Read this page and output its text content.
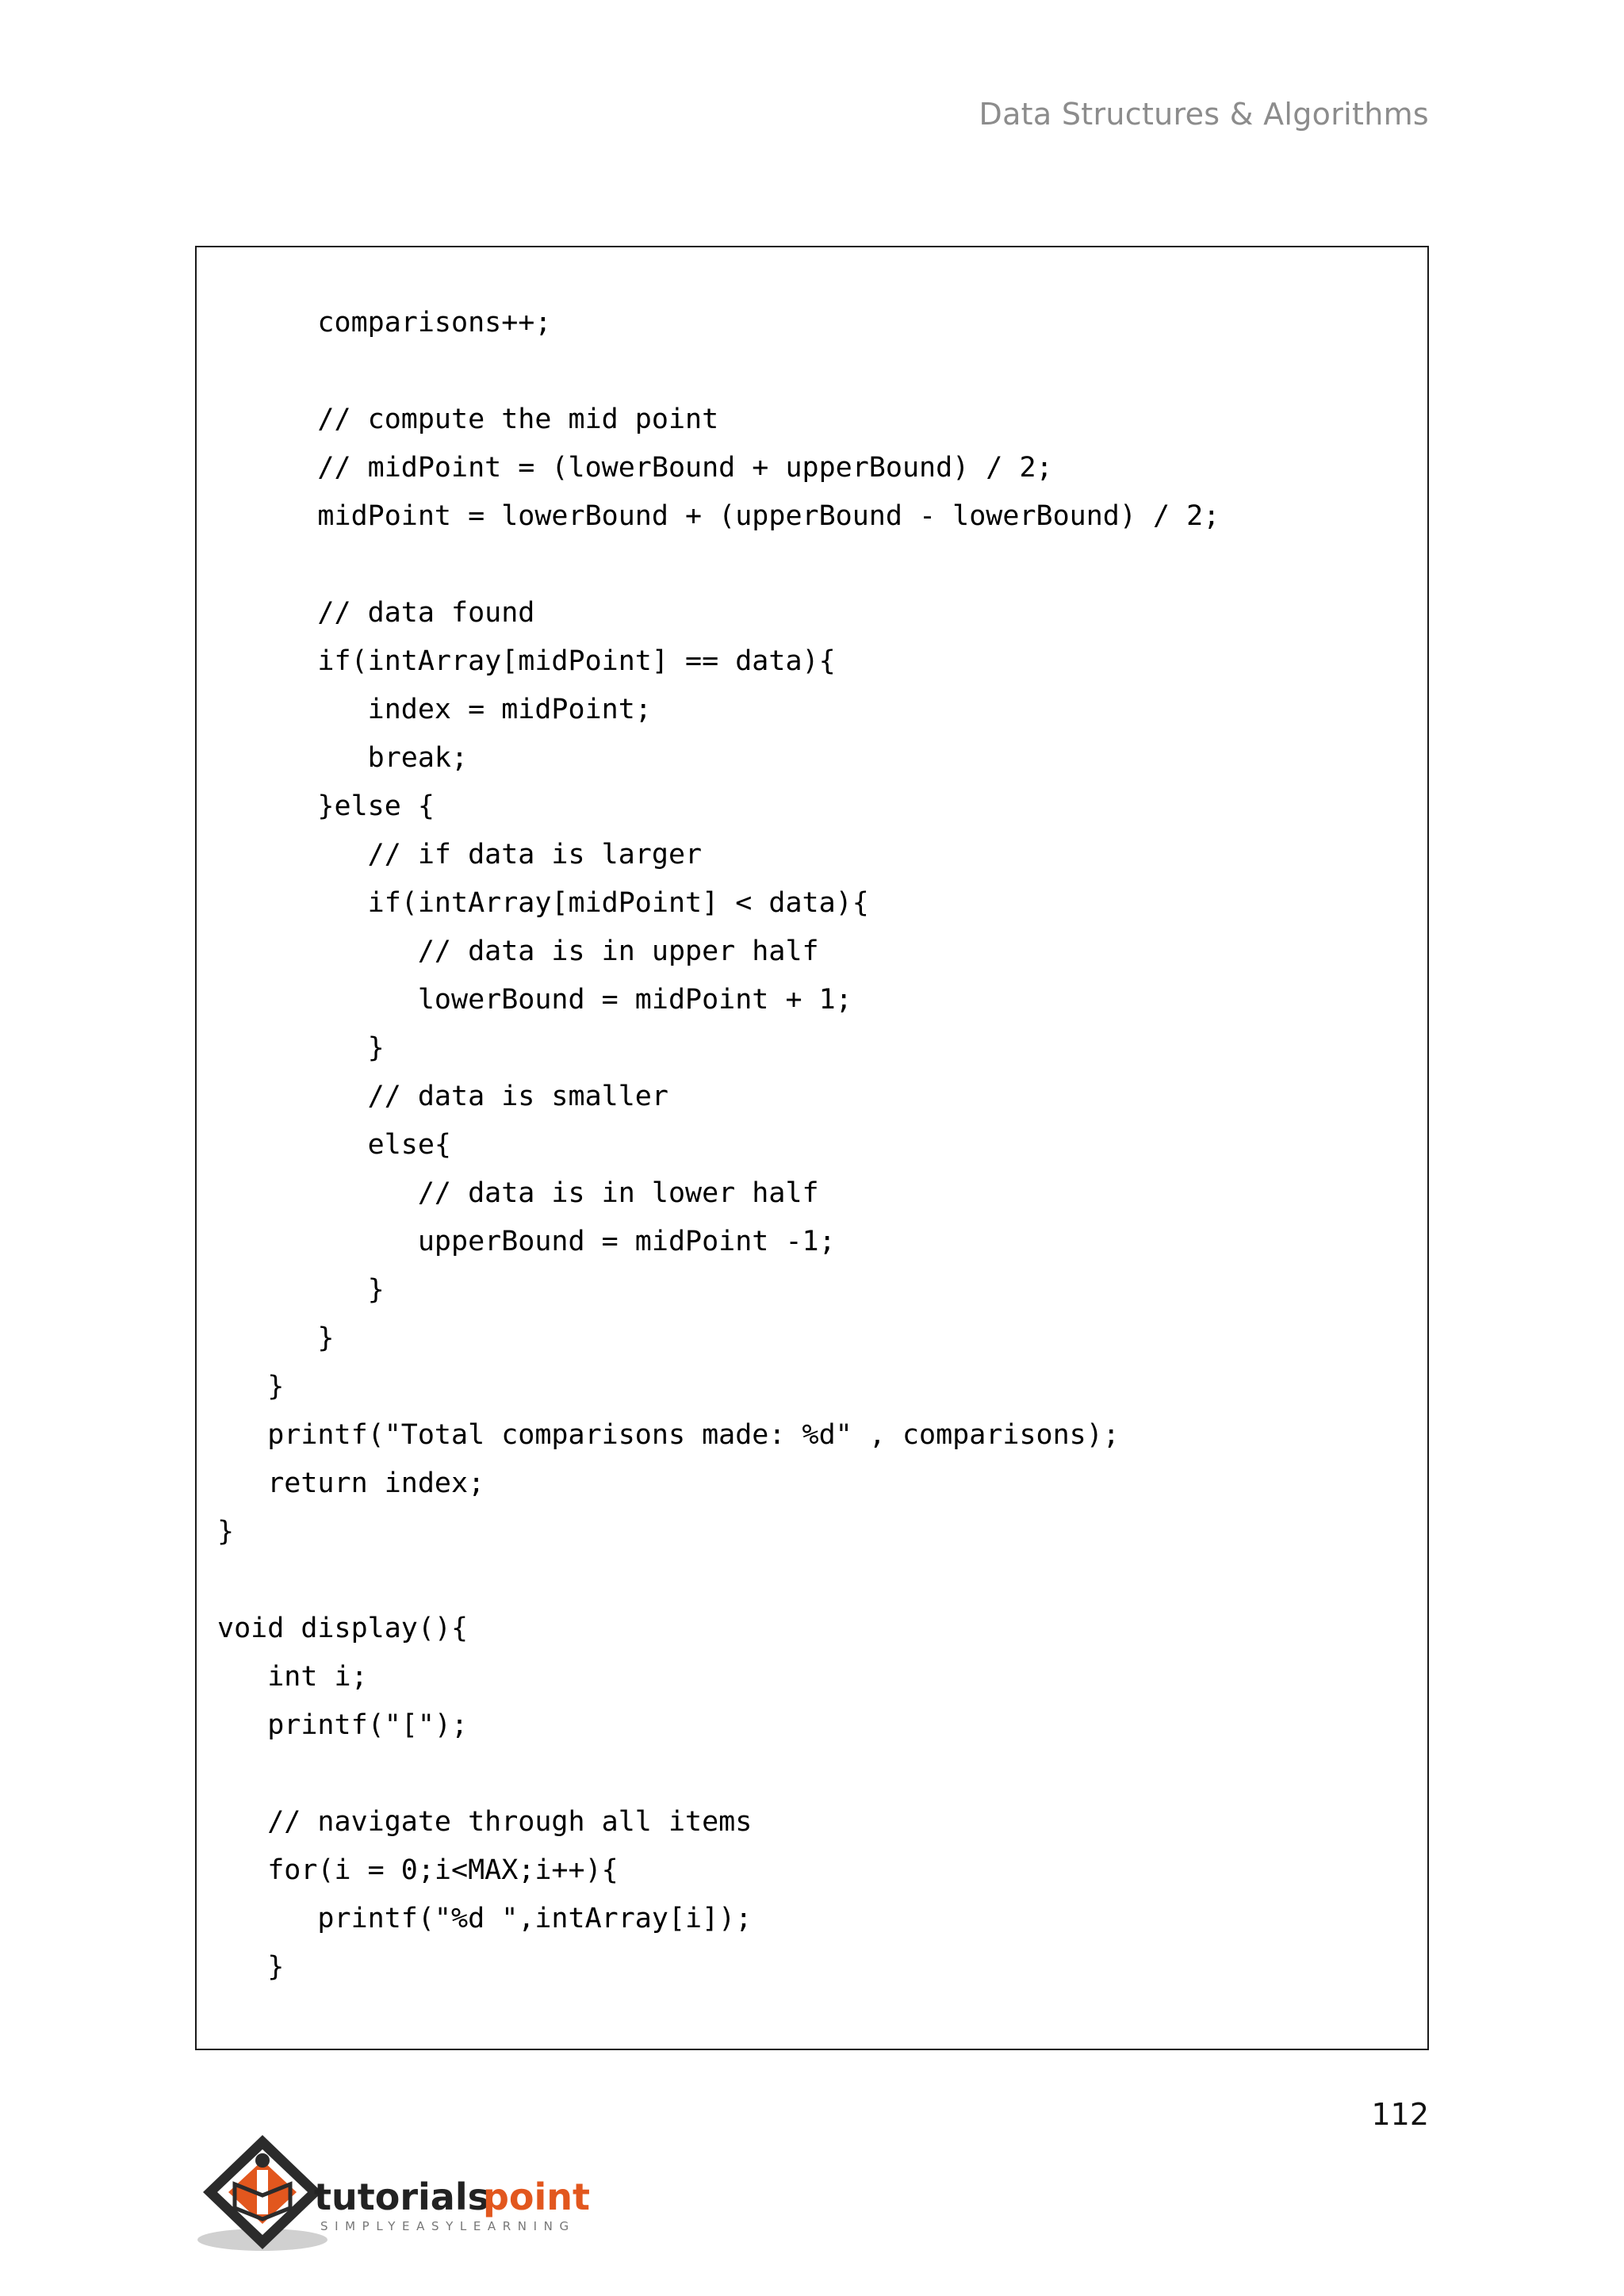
Data Structures & Algorithms
comparisons++;
// compute the mid point
// midPoint = (lowerBound + upperBound) / 2;
midPoint = lowerBound + (upperBound - lowerBound) / 2;
// data found
if(intArray[midPoint] == data){
index = midPoint;
break;
}else {
// if data is larger
if(intArray[midPoint] < data){
// data is in upper half
lowerBound = midPoint + 1;
}
// data is smaller
else{
// data is in lower half
upperBound = midPoint -1;
}
}
}
printf("Total comparisons made: %d" , comparisons);
return index;
}
void display(){
int i;
printf("[");
// navigate through all items
for(i = 0;i<MAX;i++){
printf("%d ",intArray[i]);
}
112
tutorials
point
SIMPLYEASYLEARNING
